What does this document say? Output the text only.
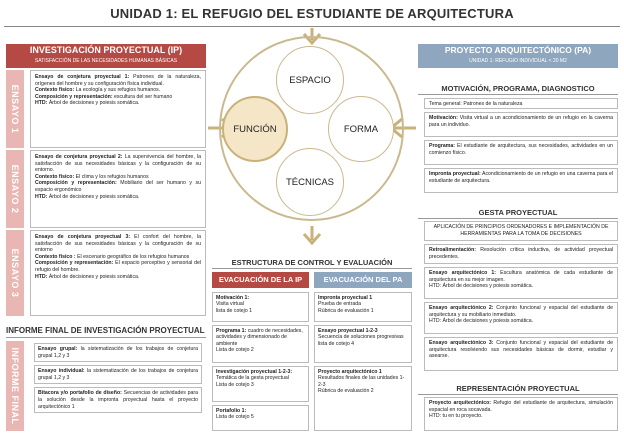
UNIDAD 1: EL REFUGIO DEL ESTUDIANTE DE ARQUITECTURA
INVESTIGACIÓN PROYECTUAL (IP)
SATISFACCIÓN DE LAS NECESIDADES HUMANAS BÁSICAS
ENSAYO 1
Ensayo de conjetura proyectual 1: Patrones de la naturaleza, orígenes del hombre y su configuración física individual.
Contexto físico: La ecología y sus refugios humanos.
Composición y representación: escultura del ser humano
HTD: Árbol de decisiones y poiesis somática.
ENSAYO 2
Ensayo de conjetura proyectual 2: La supervivencia del hombre, la satisfacción de sus necesidades básicas y la configuración de su entorno.
Contexto físico: El clima y los refugios humanos
Composición y representación: Mobiliario del ser humano y su espacio ergonómico
HTD: Árbol de decisiones y poiesis somática.
ENSAYO 3
Ensayo de conjetura proyectual 3: El confort del hombre, la satisfacción de sus necesidades básicas y la configuración de su entorno
Contexto físico : El escenario geográfico de los refugios humanos
Composición y representación: El espacio perceptivo y sensorial del refugio del hombre.
HTD: Árbol de decisiones y poiesis somática.
INFORME FINAL DE INVESTIGACIÓN PROYECTUAL
INFORME FINAL	Ensayo grupal: la sistematización de los trabajos de conjetura grupal 1,2 y 3
Ensayo individual: la sistematización de los trabajos de conjetura grupal 1,2 y 3
Bitacora y/o portafolio de diseño: Secuencias de actividades para la solución desde la impronta proyectual hasta el proyecto arquitectónico 1
ESPACIO
FUNCIÓN	FORMA
TÉCNICAS
ESTRUCTURA DE CONTROL Y EVALUACIÓN
EVACUACIÓN DE LA IP	EVACUACIÓN DEL PA
Motivación 1:
Visita virtual
lista de cotejo 1
Programa 1: cuadro de necesidades, actividades y dimensionado de ambiente
Lista de cotejo 2
Investigación proyectual 1-2-3: Temática de la gesta proyectual
Lista de cotejo 3
Portafolio 1:
Lista de cotejo 5
Impronta proyectual 1
Prueba de entrada
Rúbrica de evaluación 1
Ensayo proyectual 1-2-3
Secuencia de soluciones progresivas
lista de cotejo 4
Proyecto arquitectónico 1
Resultados finales de las unidades 1-2-3
Rúbrica de evaluación 2
PROYECTO ARQUITECTÓNICO (PA)
UNIDAD 1: REFUGIO INDIVIDUAL < 20 M2
MOTIVACIÓN, PROGRAMA, DIAGNOSTICO
Tema general: Patrones de la naturaleza
Motivación: Visita virtual a un acondicionamiento de un refugio en la caverna para un individuo.
Programa: El estudiante de arquitectura, sus necesidades, actividades en un comienzo físico.
Impronta proyectual: Acondicionamiento de un refugio en una caverna para el estudiante de arquitectura.
GESTA PROYECTUAL
APLICACIÓN DE PRINCIPIOS ORDENADORES E IMPLEMENTACIÓN DE HERRAMIENTAS PARA LA TOMA DE DECISIONES
Retroalimentación: Resolución crítica inductiva, de actividad proyectual precedentes.
Ensayo arquitectónico 1: Escultura anatómica de cada estudiante de arquitectura en su mejor imagen.
HTD: Árbol de decisiones y poiesis somática.
Ensayo arquitectónico 2: Conjunto funcional y espacial del estudiante de arquitectura y su mobiliario inmediato.
HTD: Árbol de decisiones y poiesis somática.
Ensayo arquitectónico 3: Conjunto funcional y espacial del estudiante de arquitectura resolviendo sus necesidades básicas de dormir, estudiar y asearse.
REPRESENTACIÓN PROYECTUAL
Proyecto arquitectónico: Refugio del estudiante de arquitectura, simulación espacial en roca socavada.
HTD: tu en tu proyecto.
